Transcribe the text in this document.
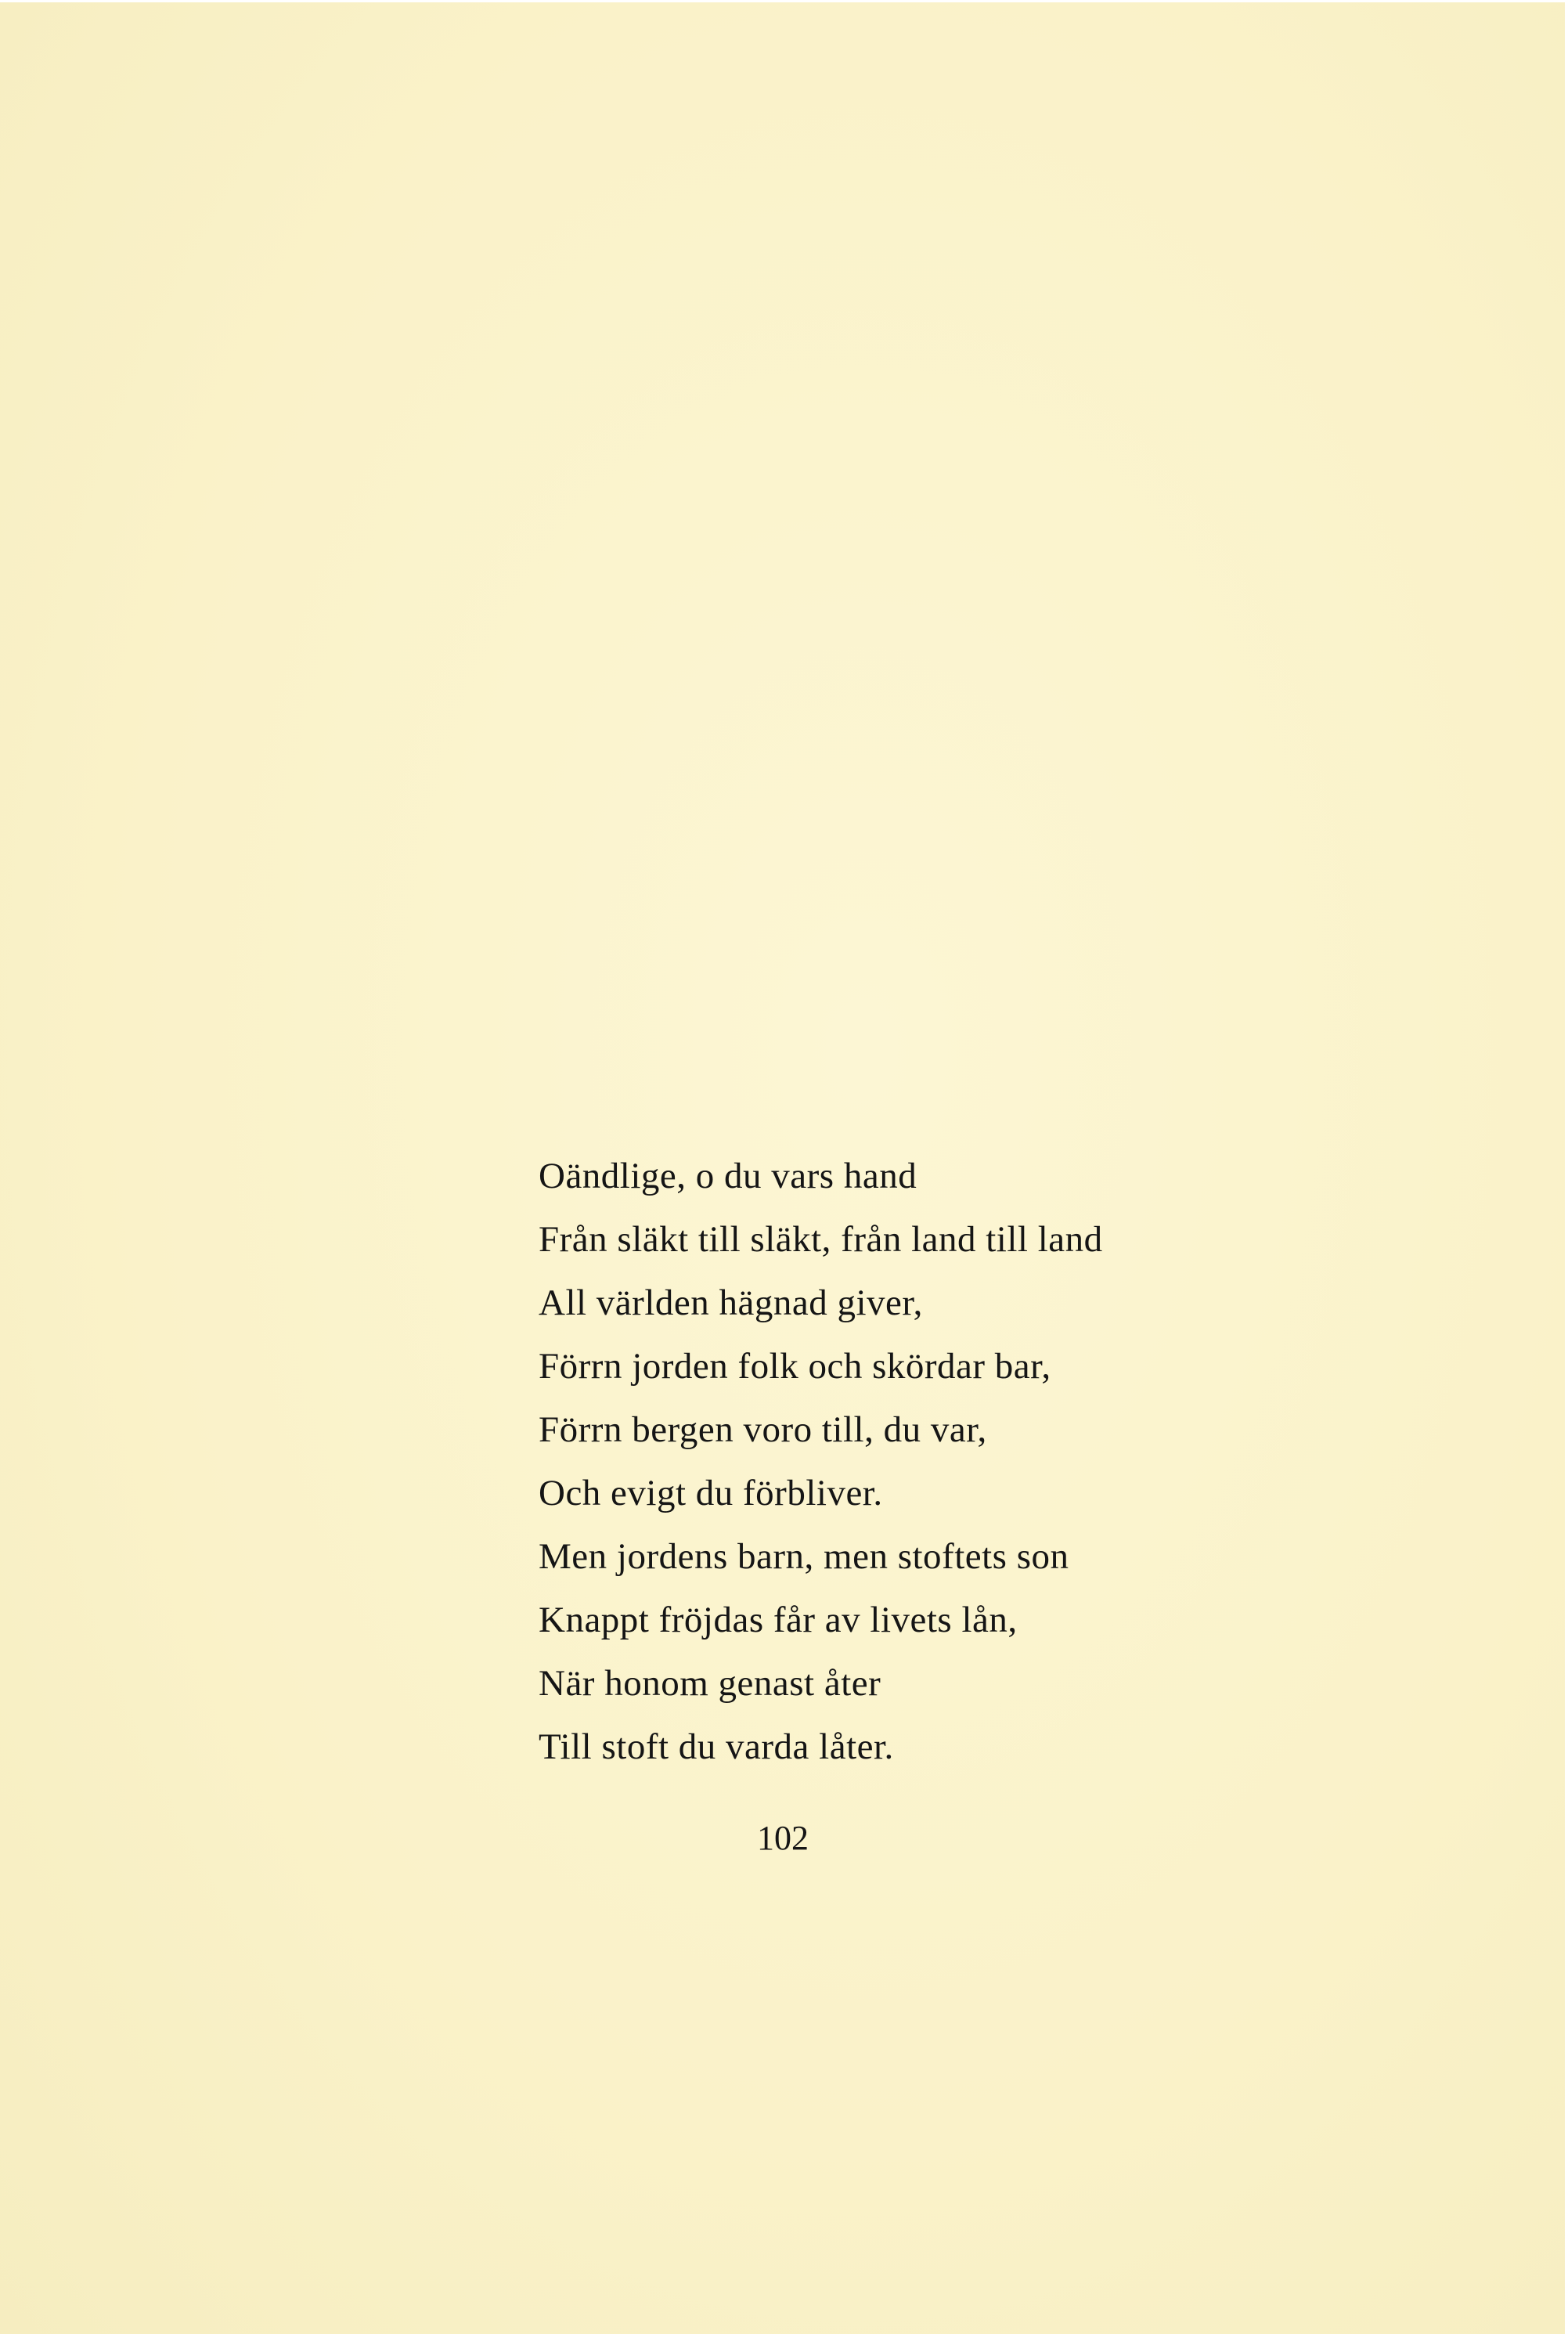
Oändlige, o du vars hand
Från släkt till släkt, från land till land
All världen hägnad giver,
Förrn jorden folk och skördar bar,
Förrn bergen voro till, du var,
Och evigt du förbliver.
Men jordens barn, men stoftets son
Knappt fröjdas får av livets lån,
När honom genast åter
Till stoft du varda låter.
102
